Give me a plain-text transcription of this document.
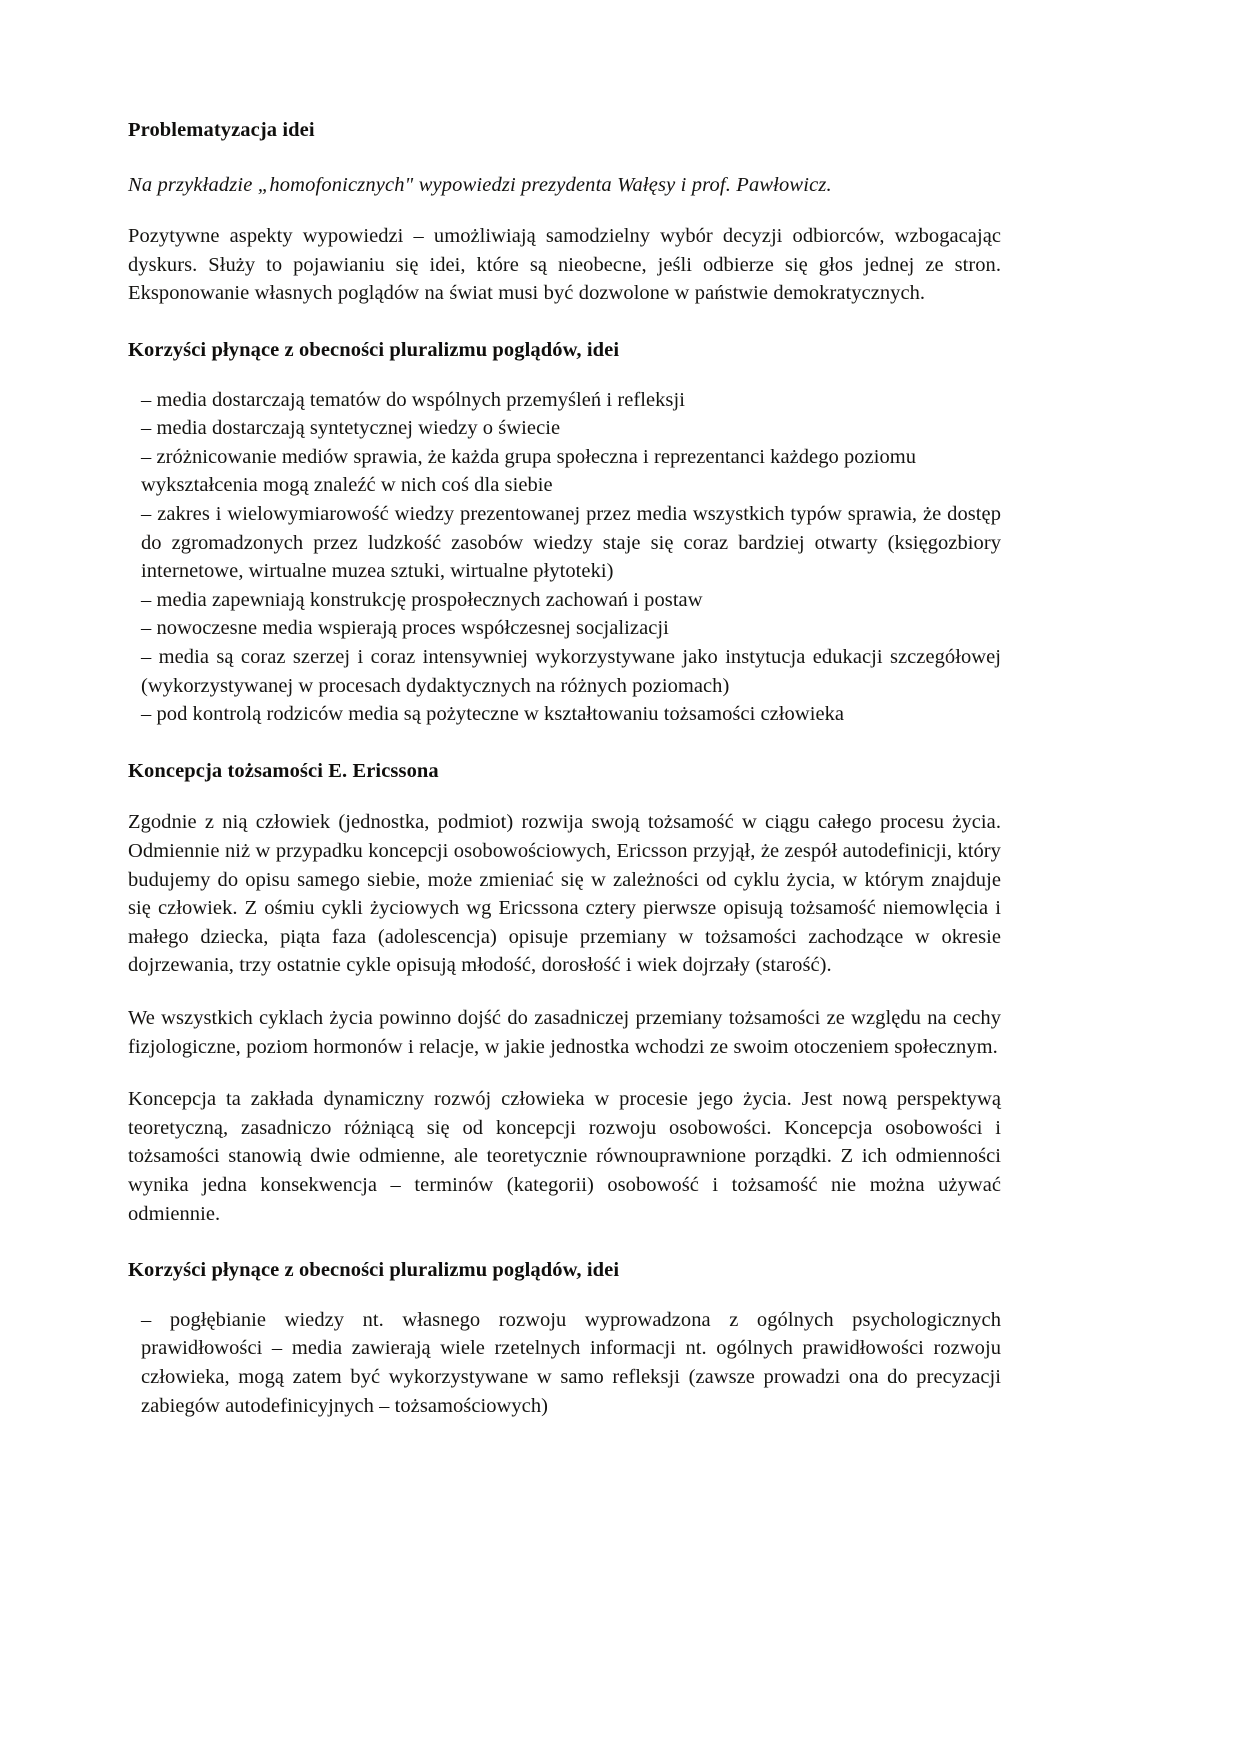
Problematyzacja idei

Na przykładzie „homofonicznych" wypowiedzi prezydenta Wałęsy i prof. Pawłowicz.

Pozytywne aspekty wypowiedzi – umożliwiają samodzielny wybór decyzji odbiorców, wzbogacając dyskurs. Służy to pojawianiu się idei, które są nieobecne, jeśli odbierze się głos jednej ze stron. Eksponowanie własnych poglądów na świat musi być dozwolone w państwie demokratycznych.

Korzyści płynące z obecności pluralizmu poglądów, idei
– media dostarczają tematów do wspólnych przemyśleń i refleksji
– media dostarczają syntetycznej wiedzy o świecie
– zróżnicowanie mediów sprawia, że każda grupa społeczna i reprezentanci każdego poziomu wykształcenia mogą znaleźć w nich coś dla siebie
– zakres i wielowymiarowość wiedzy prezentowanej przez media wszystkich typów sprawia, że dostęp do zgromadzonych przez ludzkość zasobów wiedzy staje się coraz bardziej otwarty (księgozbiory internetowe, wirtualne muzea sztuki, wirtualne płytoteki)
– media zapewniają konstrukcję prospołecznych zachowań i postaw
– nowoczesne media wspierają proces współczesnej socjalizacji
– media są coraz szerzej i coraz intensywniej wykorzystywane jako instytucja edukacji szczegółowej (wykorzystywanej w procesach dydaktycznych na różnych poziomach)
– pod kontrolą rodziców media są pożyteczne w kształtowaniu tożsamości człowieka
Koncepcja tożsamości E. Ericssona

Zgodnie z nią człowiek (jednostka, podmiot) rozwija swoją tożsamość w ciągu całego procesu życia. Odmiennie niż w przypadku koncepcji osobowościowych, Ericsson przyjął, że zespół autodefinicji, który budujemy do opisu samego siebie, może zmieniać się w zależności od cyklu życia, w którym znajduje się człowiek. Z ośmiu cykli życiowych wg Ericssona cztery pierwsze opisują tożsamość niemowlęcia i małego dziecka, piąta faza (adolescencja) opisuje przemiany w tożsamości zachodzące w okresie dojrzewania, trzy ostatnie cykle opisują młodość, dorosłość i wiek dojrzały (starość).

We wszystkich cyklach życia powinno dojść do zasadniczej przemiany tożsamości ze względu na cechy fizjologiczne, poziom hormonów i relacje, w jakie jednostka wchodzi ze swoim otoczeniem społecznym.

Koncepcja ta zakłada dynamiczny rozwój człowieka w procesie jego życia. Jest nową perspektywą teoretyczną, zasadniczo różniącą się od koncepcji rozwoju osobowości. Koncepcja osobowości i tożsamości stanowią dwie odmienne, ale teoretycznie równouprawnione porządki. Z ich odmienności wynika jedna konsekwencja – terminów (kategorii) osobowość i tożsamość nie można używać odmiennie.

Korzyści płynące z obecności pluralizmu poglądów, idei

– pogłębianie wiedzy nt. własnego rozwoju wyprowadzona z ogólnych psychologicznych prawidłowości – media zawierają wiele rzetelnych informacji nt. ogólnych prawidłowości rozwoju człowieka, mogą zatem być wykorzystywane w samo refleksji (zawsze prowadzi ona do precyzacji zabiegów autodefinicyjnych – tożsamościowych)
